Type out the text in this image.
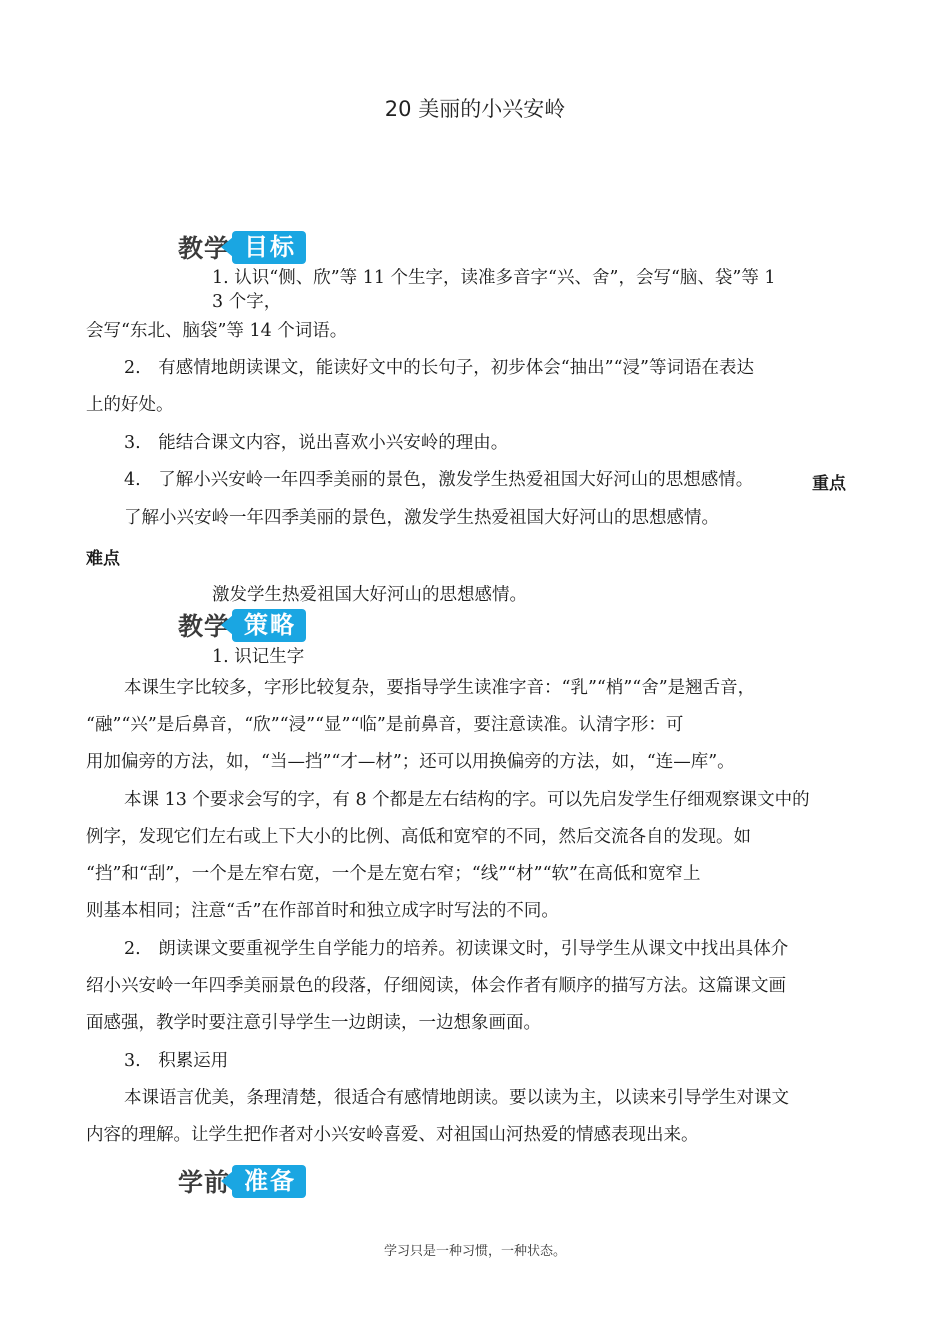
20 美丽的小兴安岭
教学 目标
1. 认识“侧、欣”等 11 个生字，读准多音字“兴、舍”，会写“脑、袋”等 1
3 个字，
会写“东北、脑袋”等 14 个词语。
2.　有感情地朗读课文，能读好文中的长句子，初步体会“抽出”“浸”等词语在表达
上的好处。
3.　能结合课文内容，说出喜欢小兴安岭的理由。
4.　了解小兴安岭一年四季美丽的景色，激发学生热爱祖国大好河山的思想感情。	重点
了解小兴安岭一年四季美丽的景色，激发学生热爱祖国大好河山的思想感情。
难点
激发学生热爱祖国大好河山的思想感情。
教学 策略
1. 识记生字
本课生字比较多，字形比较复杂，要指导学生读准字音：“乳”“梢”“舍”是翘舌音，
“融”“兴”是后鼻音，“欣”“浸”“显”“临”是前鼻音，要注意读准。认清字形：可
用加偏旁的方法，如，“当—挡”“才—材”；还可以用换偏旁的方法，如，“连—库”。
本课 13 个要求会写的字，有 8 个都是左右结构的字。可以先启发学生仔细观察课文中的
例字，发现它们左右或上下大小的比例、高低和宽窄的不同，然后交流各自的发现。如
“挡”和“刮”，一个是左窄右宽，一个是左宽右窄；“线”“材”“软”在高低和宽窄上
则基本相同；注意“舌”在作部首时和独立成字时写法的不同。
2.　朗读课文要重视学生自学能力的培养。初读课文时，引导学生从课文中找出具体介
绍小兴安岭一年四季美丽景色的段落，仔细阅读，体会作者有顺序的描写方法。这篇课文画
面感强，教学时要注意引导学生一边朗读，一边想象画面。
3.　积累运用
本课语言优美，条理清楚，很适合有感情地朗读。要以读为主，以读来引导学生对课文
内容的理解。让学生把作者对小兴安岭喜爱、对祖国山河热爱的情感表现出来。
学前 准备
学习只是一种习惯，一种状态。
